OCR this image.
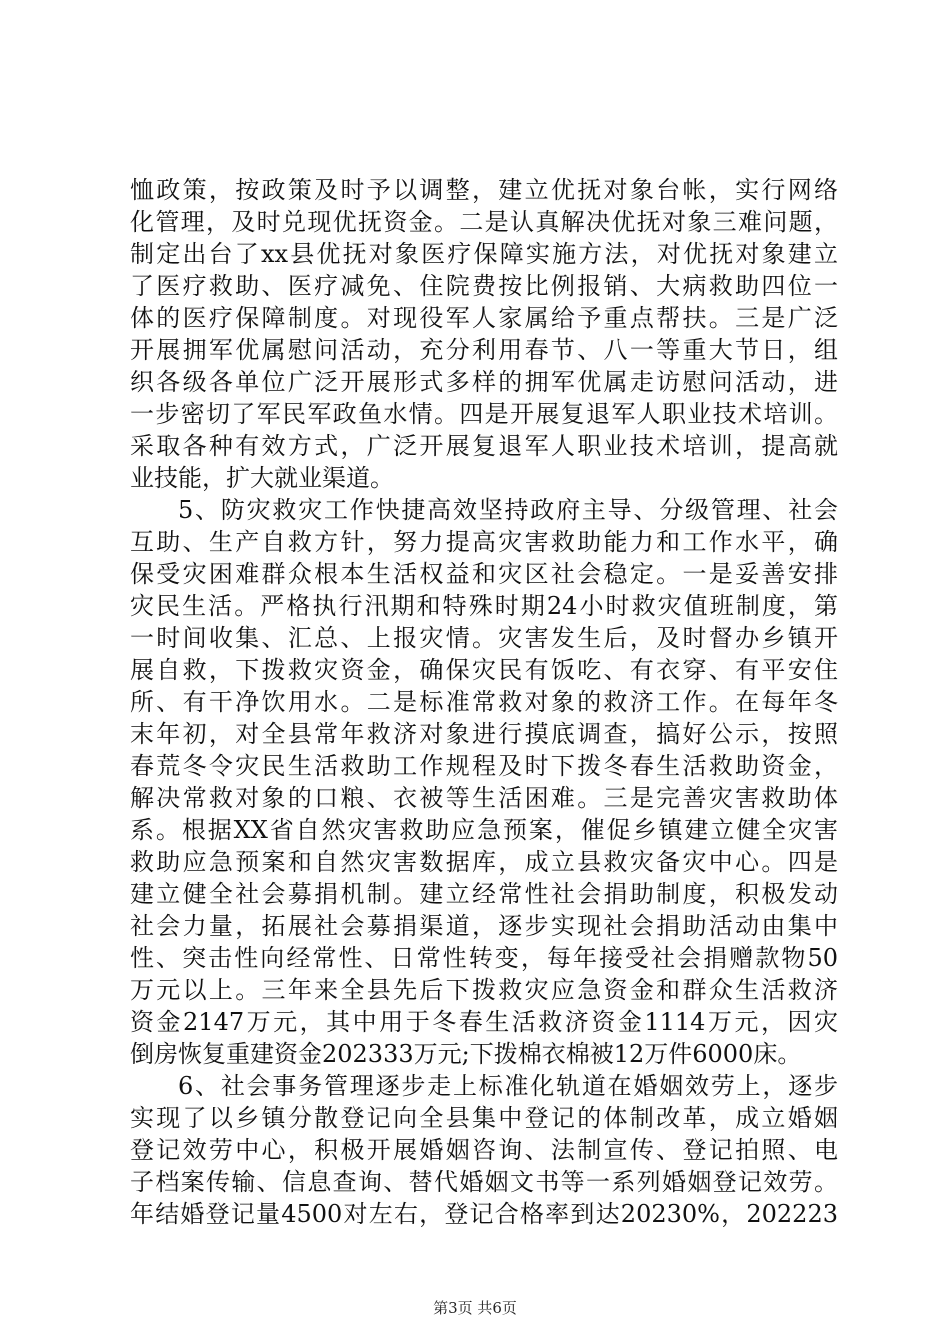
恤政策，按政策及时予以调整，建立优抚对象台帐，实行网络
化管理，及时兑现优抚资金。二是认真解决优抚对象三难问题，
制定出台了xx县优抚对象医疗保障实施方法，对优抚对象建立
了医疗救助、医疗减免、住院费按比例报销、大病救助四位一
体的医疗保障制度。对现役军人家属给予重点帮扶。三是广泛
开展拥军优属慰问活动，充分利用春节、八一等重大节日，组
织各级各单位广泛开展形式多样的拥军优属走访慰问活动，进
一步密切了军民军政鱼水情。四是开展复退军人职业技术培训。
采取各种有效方式，广泛开展复退军人职业技术培训，提高就
业技能，扩大就业渠道。
5、防灾救灾工作快捷高效坚持政府主导、分级管理、社会
互助、生产自救方针，努力提高灾害救助能力和工作水平，确
保受灾困难群众根本生活权益和灾区社会稳定。一是妥善安排
灾民生活。严格执行汛期和特殊时期24小时救灾值班制度，第
一时间收集、汇总、上报灾情。灾害发生后，及时督办乡镇开
展自救，下拨救灾资金，确保灾民有饭吃、有衣穿、有平安住
所、有干净饮用水。二是标准常救对象的救济工作。在每年冬
末年初，对全县常年救济对象进行摸底调查，搞好公示，按照
春荒冬令灾民生活救助工作规程及时下拨冬春生活救助资金，
解决常救对象的口粮、衣被等生活困难。三是完善灾害救助体
系。根据XX省自然灾害救助应急预案，催促乡镇建立健全灾害
救助应急预案和自然灾害数据库，成立县救灾备灾中心。四是
建立健全社会募捐机制。建立经常性社会捐助制度，积极发动
社会力量，拓展社会募捐渠道，逐步实现社会捐助活动由集中
性、突击性向经常性、日常性转变，每年接受社会捐赠款物50
万元以上。三年来全县先后下拨救灾应急资金和群众生活救济
资金2147万元，其中用于冬春生活救济资金1114万元，因灾
倒房恢复重建资金202333万元;下拨棉衣棉被12万件6000床。
6、社会事务管理逐步走上标准化轨道在婚姻效劳上，逐步
实现了以乡镇分散登记向全县集中登记的体制改革，成立婚姻
登记效劳中心，积极开展婚姻咨询、法制宣传、登记拍照、电
子档案传输、信息查询、替代婚姻文书等一系列婚姻登记效劳。
年结婚登记量4500对左右，登记合格率到达20230%，202223
第3页 共6页
